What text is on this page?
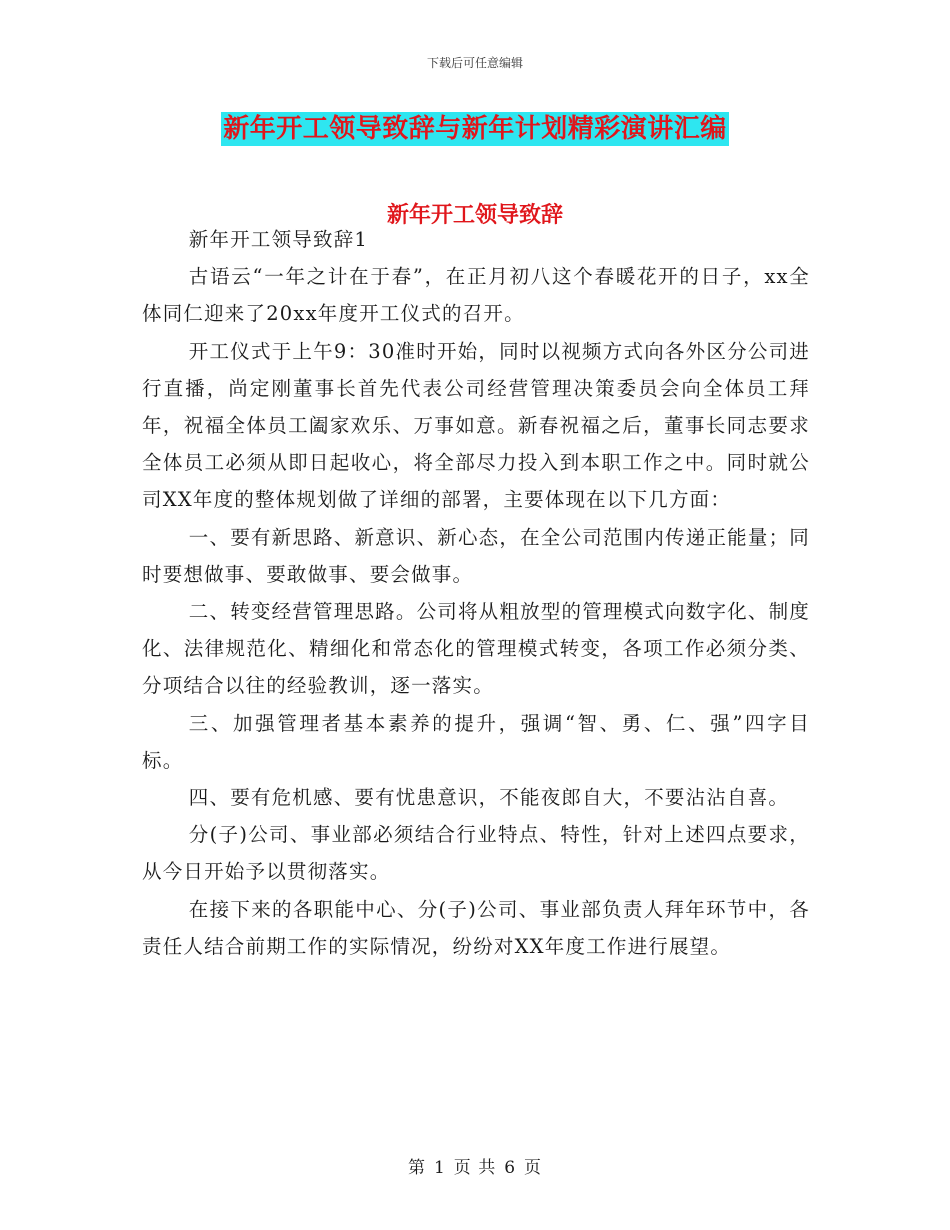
下载后可任意编辑
新年开工领导致辞与新年计划精彩演讲汇编
新年开工领导致辞

新年开工领导致辞1

古语云“一年之计在于春”，在正月初八这个春暖花开的日子，xx全体同仁迎来了20xx年度开工仪式的召开。

开工仪式于上午9：30准时开始，同时以视频方式向各外区分公司进行直播，尚定刚董事长首先代表公司经营管理决策委员会向全体员工拜年，祝福全体员工阖家欢乐、万事如意。新春祝福之后，董事长同志要求全体员工必须从即日起收心，将全部尽力投入到本职工作之中。同时就公司XX年度的整体规划做了详细的部署，主要体现在以下几方面：

一、要有新思路、新意识、新心态，在全公司范围内传递正能量；同时要想做事、要敢做事、要会做事。

二、转变经营管理思路。公司将从粗放型的管理模式向数字化、制度化、法律规范化、精细化和常态化的管理模式转变，各项工作必须分类、分项结合以往的经验教训，逐一落实。

三、加强管理者基本素养的提升，强调“智、勇、仁、强”四字目标。

四、要有危机感、要有忧患意识，不能夜郎自大，不要沾沾自喜。

分(子)公司、事业部必须结合行业特点、特性，针对上述四点要求，从今日开始予以贯彻落实。

在接下来的各职能中心、分(子)公司、事业部负责人拜年环节中，各责任人结合前期工作的实际情况，纷纷对XX年度工作进行展望。

第 1 页 共 6 页
